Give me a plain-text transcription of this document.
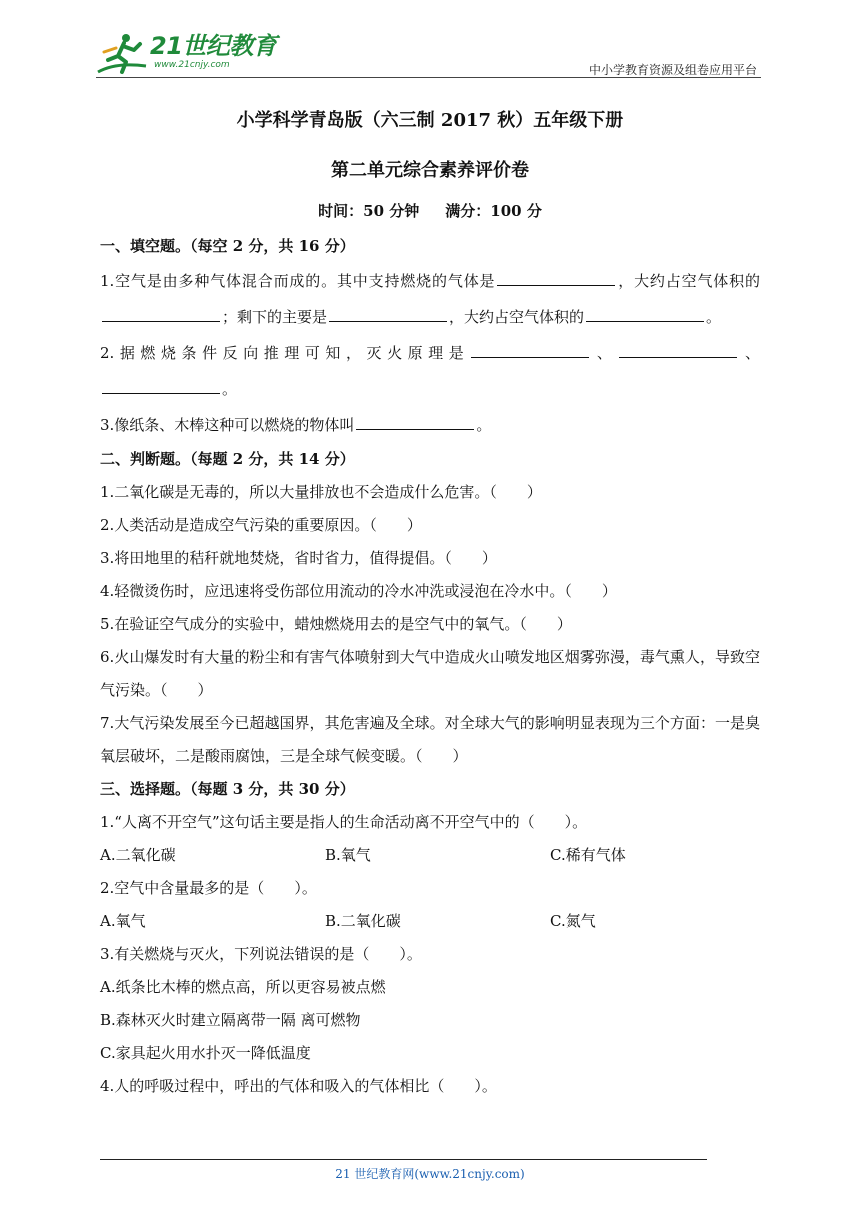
21世纪教育
www.21cnjy.com	中小学教育资源及组卷应用平台
小学科学青岛版（六三制 2017 秋）五年级下册
第二单元综合素养评价卷
时间：50 分钟 满分：100 分
一、填空题。（每空 2 分，共 16 分）
1.空气是由多种气体混合而成的。其中支持燃烧的气体是	，大约占空气体积的；剩下的主要是	，大约占空气体积的	。
2.据燃烧条件反向推理可知，灭火原理是	、	、。
3.像纸条、木棒这种可以燃烧的物体叫	。
二、判断题。（每题 2 分，共 14 分）
1.二氧化碳是无毒的，所以大量排放也不会造成什么危害。（　　）
2.人类活动是造成空气污染的重要原因。（　　）
3.将田地里的秸秆就地焚烧，省时省力，值得提倡。（　　）
4.轻微烫伤时，应迅速将受伤部位用流动的冷水冲洗或浸泡在冷水中。（　　）
5.在验证空气成分的实验中，蜡烛燃烧用去的是空气中的氧气。（　　）
6.火山爆发时有大量的粉尘和有害气体喷射到大气中造成火山喷发地区烟雾弥漫，毒气熏人，导致空气污染。（　　）
7.大气污染发展至今已超越国界，其危害遍及全球。对全球大气的影响明显表现为三个方面：一是臭氧层破坏，二是酸雨腐蚀，三是全球气候变暖。（　　）
三、选择题。（每题 3 分，共 30 分）
1.“人离不开空气”这句话主要是指人的生命活动离不开空气中的（　　）。
A.二氧化碳	B.氧气	C.稀有气体
2.空气中含量最多的是（　　）。
A.氧气	B.二氧化碳	C.氮气
3.有关燃烧与灭火，下列说法错误的是（　　）。
A.纸条比木棒的燃点高，所以更容易被点燃
B.森林灭火时建立隔离带一隔 离可燃物
C.家具起火用水扑灭一降低温度
4.人的呼吸过程中，呼出的气体和吸入的气体相比（　　）。
21 世纪教育网(www.21cnjy.com)
